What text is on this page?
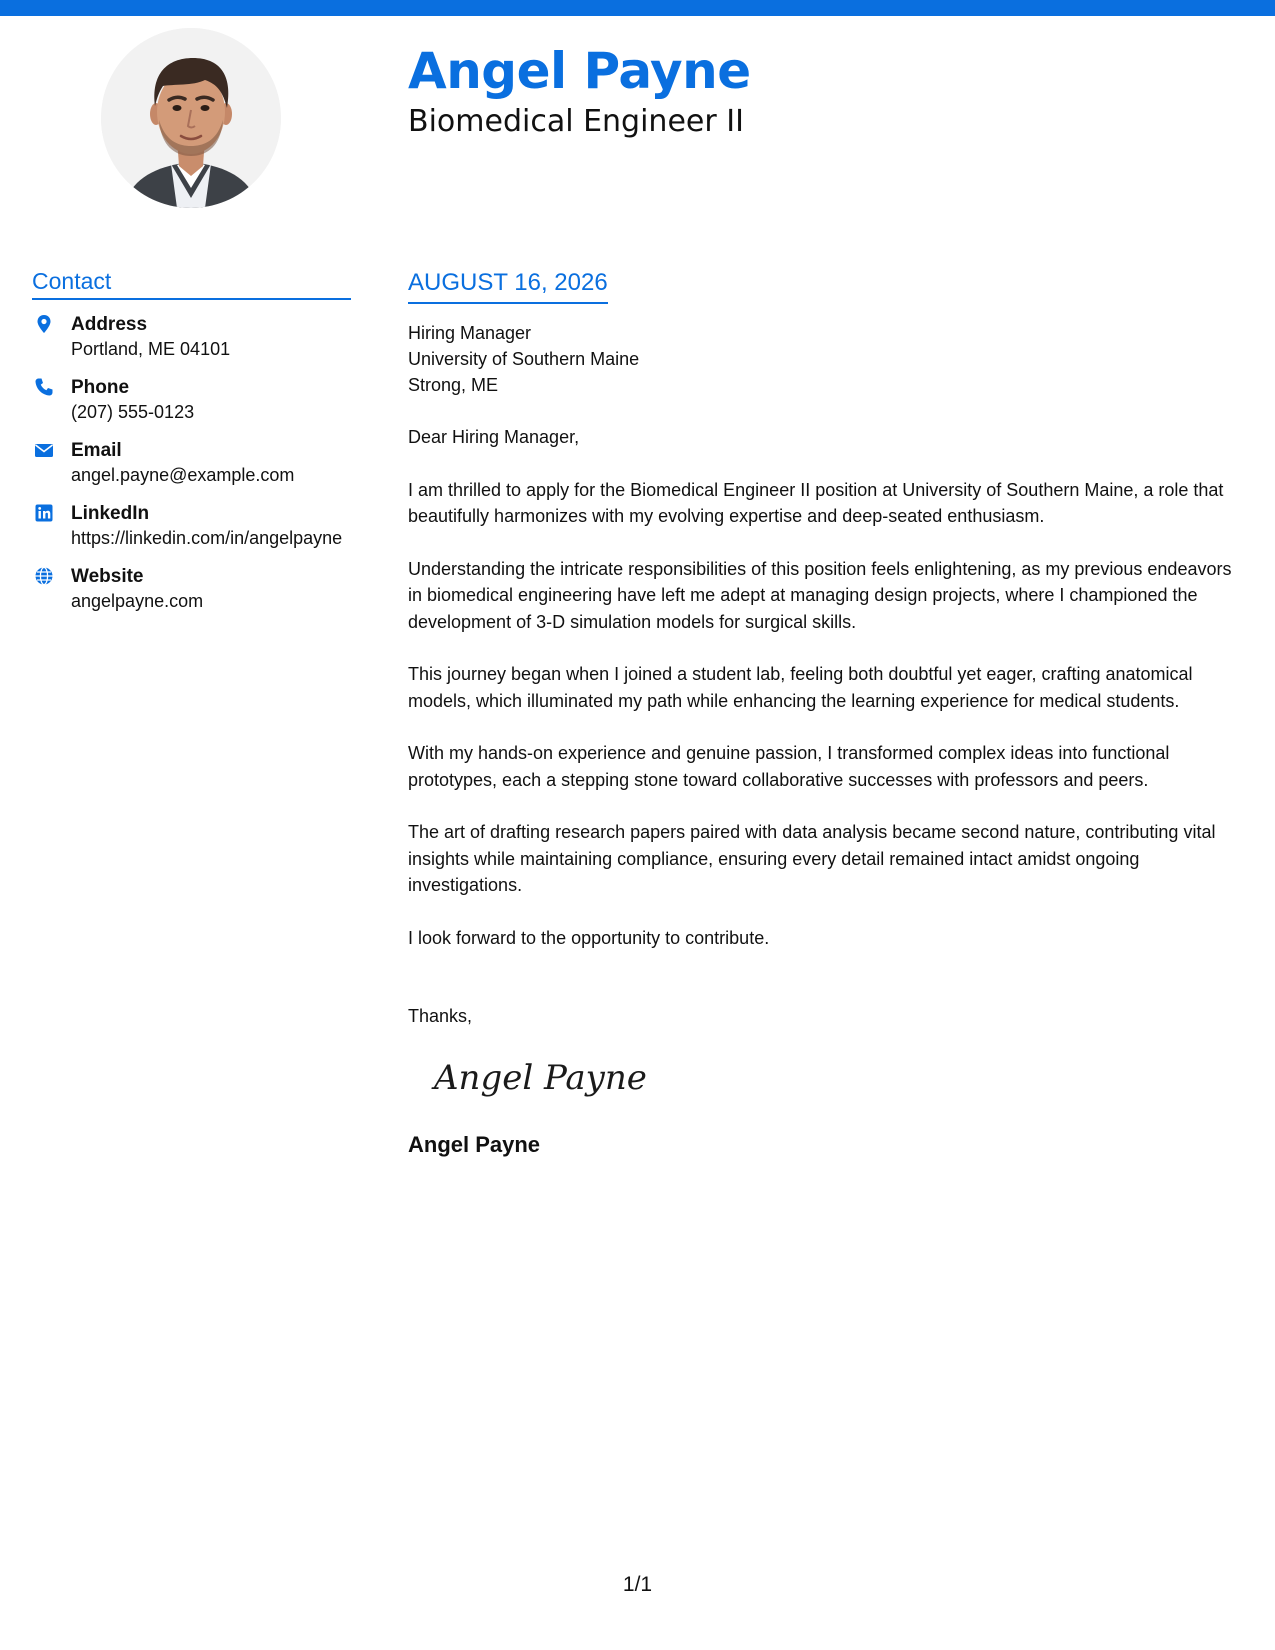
Angel Payne
Biomedical Engineer II
Contact
Address
Portland, ME 04101
Phone
(207) 555-0123
Email
angel.payne@example.com
LinkedIn
https://linkedin.com/in/angelpayne
Website
angelpayne.com
AUGUST 16, 2026
Hiring Manager
University of Southern Maine
Strong, ME

Dear Hiring Manager,

I am thrilled to apply for the Biomedical Engineer II position at University of Southern Maine, a role that beautifully harmonizes with my evolving expertise and deep-seated enthusiasm.

Understanding the intricate responsibilities of this position feels enlightening, as my previous endeavors in biomedical engineering have left me adept at managing design projects, where I championed the development of 3-D simulation models for surgical skills.

This journey began when I joined a student lab, feeling both doubtful yet eager, crafting anatomical models, which illuminated my path while enhancing the learning experience for medical students.

With my hands-on experience and genuine passion, I transformed complex ideas into functional prototypes, each a stepping stone toward collaborative successes with professors and peers.

The art of drafting research papers paired with data analysis became second nature, contributing vital insights while maintaining compliance, ensuring every detail remained intact amidst ongoing investigations.

I look forward to the opportunity to contribute.

Thanks,
Angel Payne
Angel Payne
1/1
